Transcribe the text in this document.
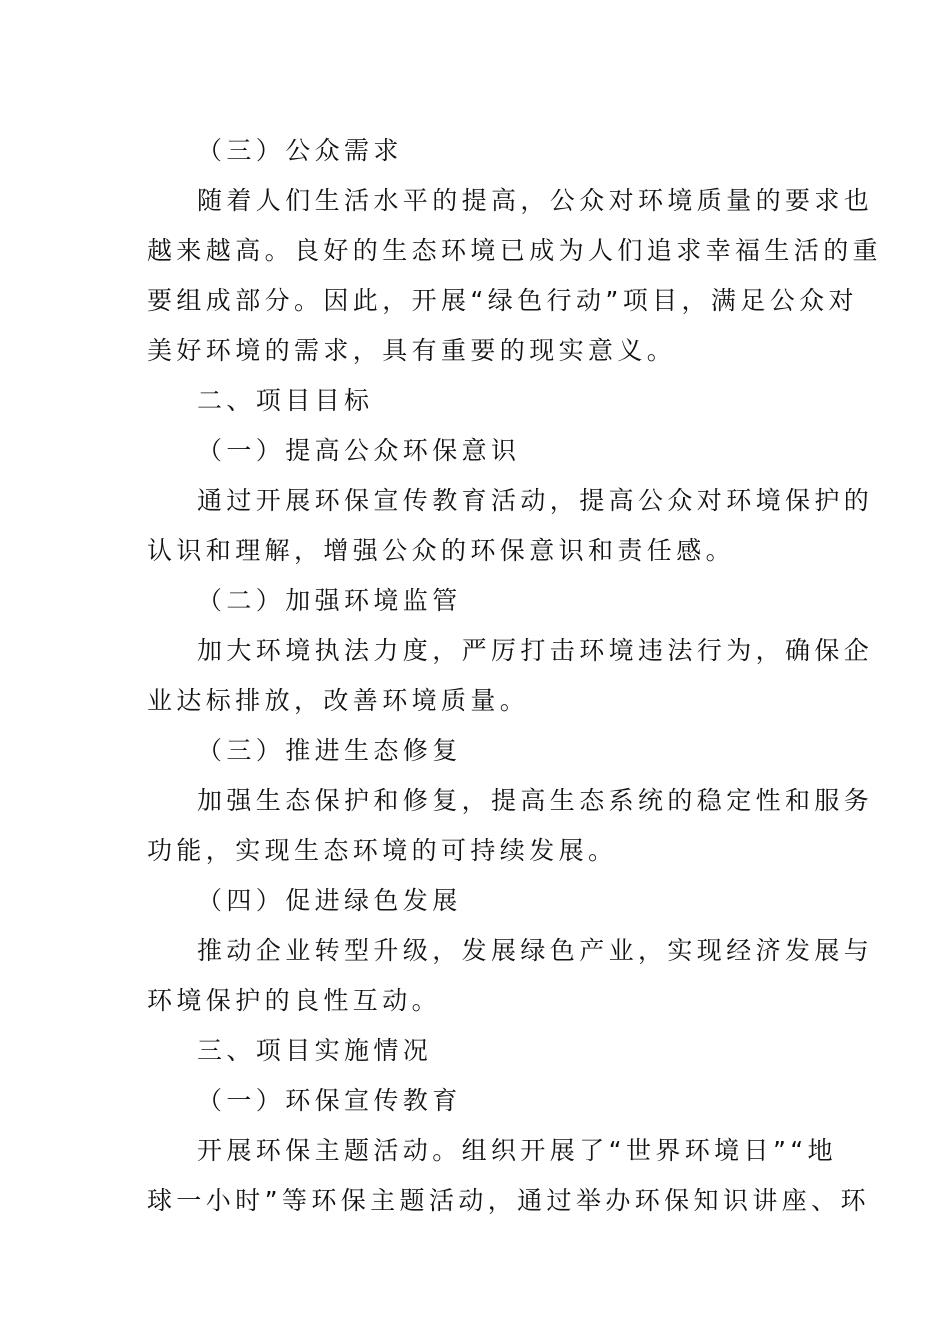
（三）公众需求
随着人们生活水平的提高，公众对环境质量的要求也
越来越高。良好的生态环境已成为人们追求幸福生活的重
要组成部分。因此，开展“绿色行动”项目，满足公众对
美好环境的需求，具有重要的现实意义。
二、项目目标
（一）提高公众环保意识
通过开展环保宣传教育活动，提高公众对环境保护的
认识和理解，增强公众的环保意识和责任感。
（二）加强环境监管
加大环境执法力度，严厉打击环境违法行为，确保企
业达标排放，改善环境质量。
（三）推进生态修复
加强生态保护和修复，提高生态系统的稳定性和服务
功能，实现生态环境的可持续发展。
（四）促进绿色发展
推动企业转型升级，发展绿色产业，实现经济发展与
环境保护的良性互动。
三、项目实施情况
（一）环保宣传教育
开展环保主题活动。组织开展了“世界环境日”“地
球一小时”等环保主题活动，通过举办环保知识讲座、环
